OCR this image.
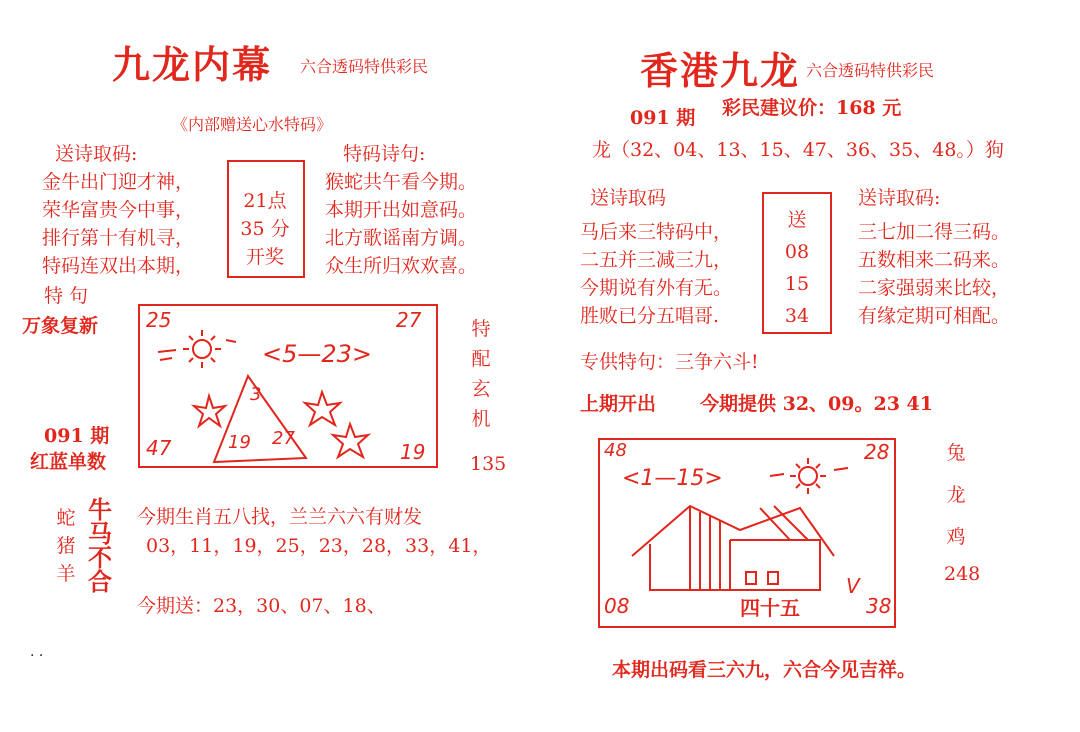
九龙内幕 六合透码特供彩民
《内部赠送心水特码》
送诗取码:
金牛出门迎才神，
荣华富贵今中事，
排行第十有机寻，
特码连双出本期，
21点
35 分
开奖
特码诗句:
猴蛇共午看今期。
本期开出如意码。
北方歌谣南方调。
众生所归欢欢喜。
特 句
万象复新
091 期
红蓝单数
25	27
47	19
<5—23>
3
19 27
特
配
玄
机
135
蛇
猪
羊
牛
马
不
合
今期生肖五八找，兰兰六六有财发
03，11，19，25，23，28，33，41，
今期送：23，30、07、18、
. .
香港九龙 六合透码特供彩民
091 期 彩民建议价：168 元
龙（32、04、13、15、47、36、35、48。）狗
送诗取码
马后来三特码中，
二五并三减三九，
今期说有外有无。
胜败已分五唱哥.
送
08
15
34
送诗取码:
三七加二得三码。
五数相来二码来。
二家强弱来比较，
有缘定期可相配。
专供特句：三争六斗!
上期开出 今期提供 32、09。23 41
48	28
08	38
<1—15>
四十五
V
兔
龙
鸡
248
本期出码看三六九，六合今见吉祥。
